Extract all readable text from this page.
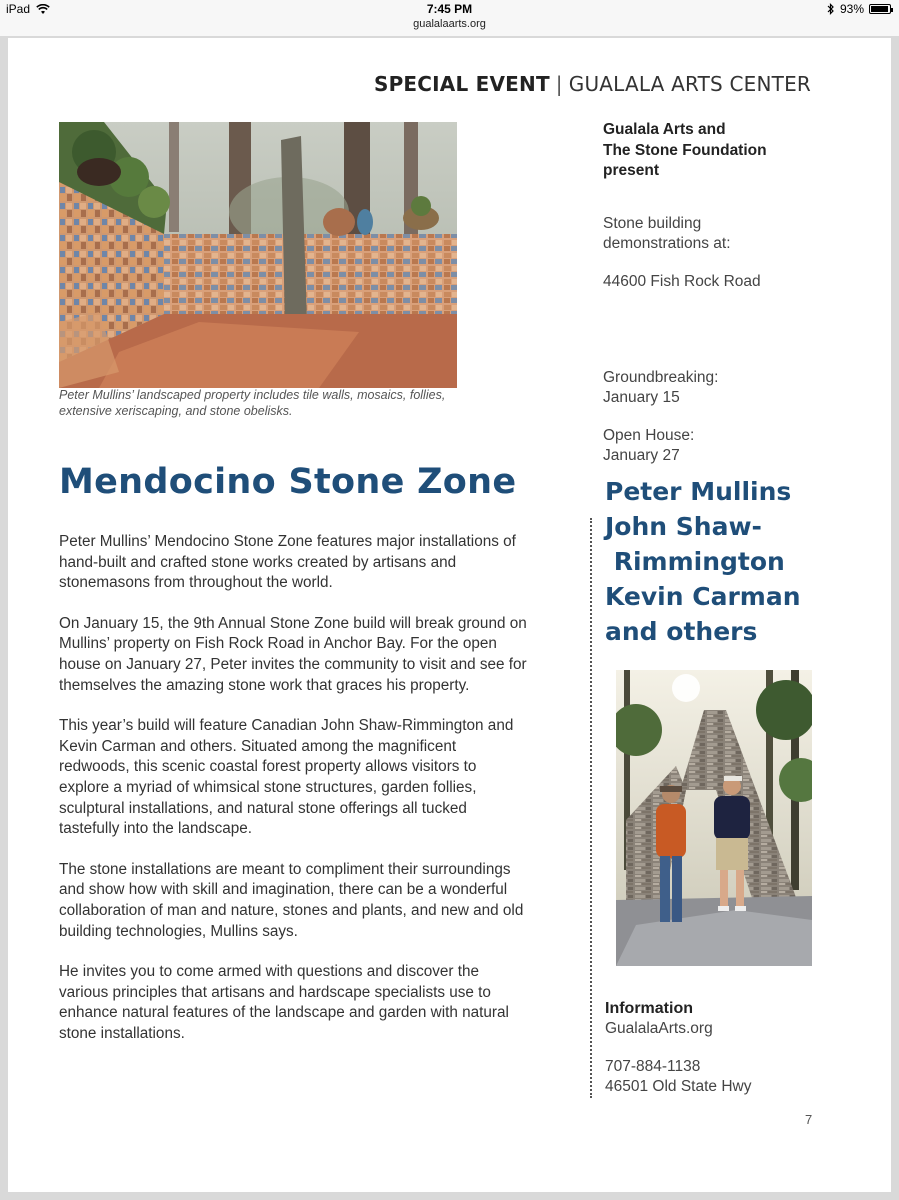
iPad	7:45 PM
gualalaarts.org
93%
SPECIAL EVENT | GUALALA ARTS CENTER
Peter Mullins’ landscaped property includes tile walls, mosaics, follies,
extensive xeriscaping, and stone obelisks.
Mendocino Stone Zone

Peter Mullins’ Mendocino Stone Zone features major installations of hand-built and crafted stone works created by artisans and stonemasons from throughout the world.

On January 15, the 9th Annual Stone Zone build will break ground on Mullins’ property on Fish Rock Road in Anchor Bay. For the open house on January 27, Peter invites the community to visit and see for themselves the amazing stone work that graces his property.

This year’s build will feature Canadian John Shaw-Rimmington and Kevin Carman and others. Situated among the magnificent redwoods, this scenic coastal forest property allows visitors to explore a myriad of whimsical stone structures, garden follies, sculptural installations, and natural stone offerings all tucked tastefully into the landscape.

The stone installations are meant to compliment their surroundings and show how with skill and imagination, there can be a wonderful collaboration of man and nature, stones and plants, and new and old building technologies, Mullins says.

He invites you to come armed with questions and discover the various principles that artisans and hardscape specialists use to enhance natural features of the landscape and garden with natural stone installations.

Gualala Arts and
The Stone Foundation
present
Stone building
demonstrations at:
44600 Fish Rock Road
Groundbreaking:
January 15
Open House:
January 27
Peter Mullins
John Shaw-
Rimmington
Kevin Carman
and others
Information
GualalaArts.org
707-884-1138
46501 Old State Hwy
7
